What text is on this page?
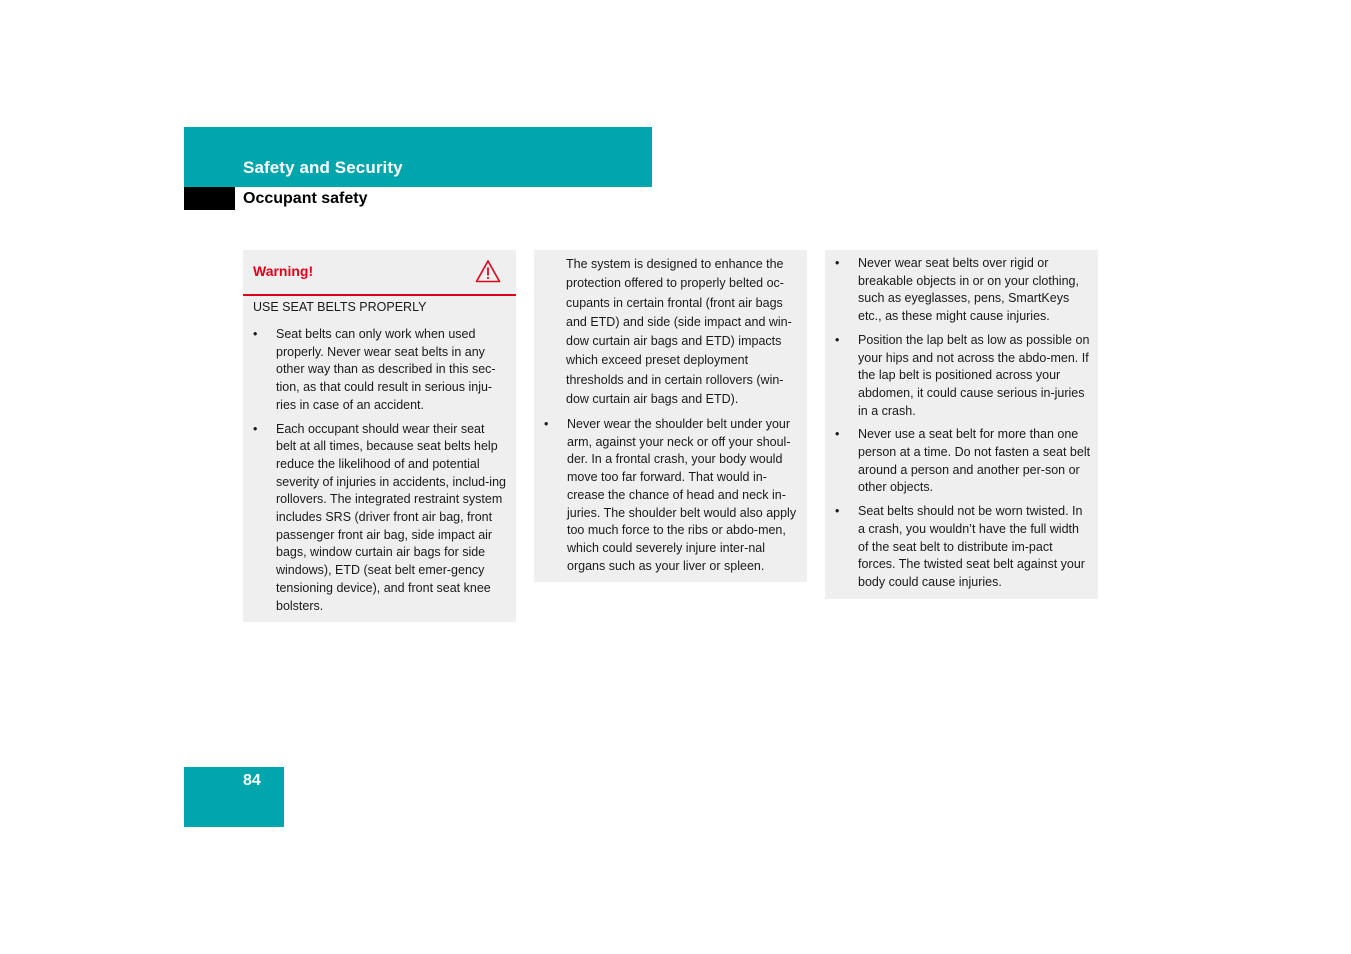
Safety and Security
Occupant safety
Warning!
USE SEAT BELTS PROPERLY
•	Seat belts can only work when used properly. Never wear seat belts in any other way than as described in this sec-tion, as that could result in serious inju-ries in case of an accident.
•	Each occupant should wear their seat belt at all times, because seat belts help reduce the likelihood of and potential severity of injuries in accidents, includ-ing rollovers. The integrated restraint system includes SRS (driver front air bag, front passenger front air bag, side impact air bags, window curtain air bags for side windows), ETD (seat belt emer-gency tensioning device), and front seat knee bolsters.
The system is designed to enhance the protection offered to properly belted oc-cupants in certain frontal (front air bags and ETD) and side (side impact and win-dow curtain air bags and ETD) impacts which exceed preset deployment thresholds and in certain rollovers (win-dow curtain air bags and ETD).
•	Never wear the shoulder belt under your arm, against your neck or off your shoul-der. In a frontal crash, your body would move too far forward. That would in-crease the chance of head and neck in-juries. The shoulder belt would also apply too much force to the ribs or abdo-men, which could severely injure inter-nal organs such as your liver or spleen.
•	Never wear seat belts over rigid or breakable objects in or on your clothing, such as eyeglasses, pens, SmartKeys etc., as these might cause injuries.
•	Position the lap belt as low as possible on your hips and not across the abdo-men. If the lap belt is positioned across your abdomen, it could cause serious in-juries in a crash.
•	Never use a seat belt for more than one person at a time. Do not fasten a seat belt around a person and another per-son or other objects.
•	Seat belts should not be worn twisted. In a crash, you wouldn’t have the full width of the seat belt to distribute im-pact forces. The twisted seat belt against your body could cause injuries.
84
